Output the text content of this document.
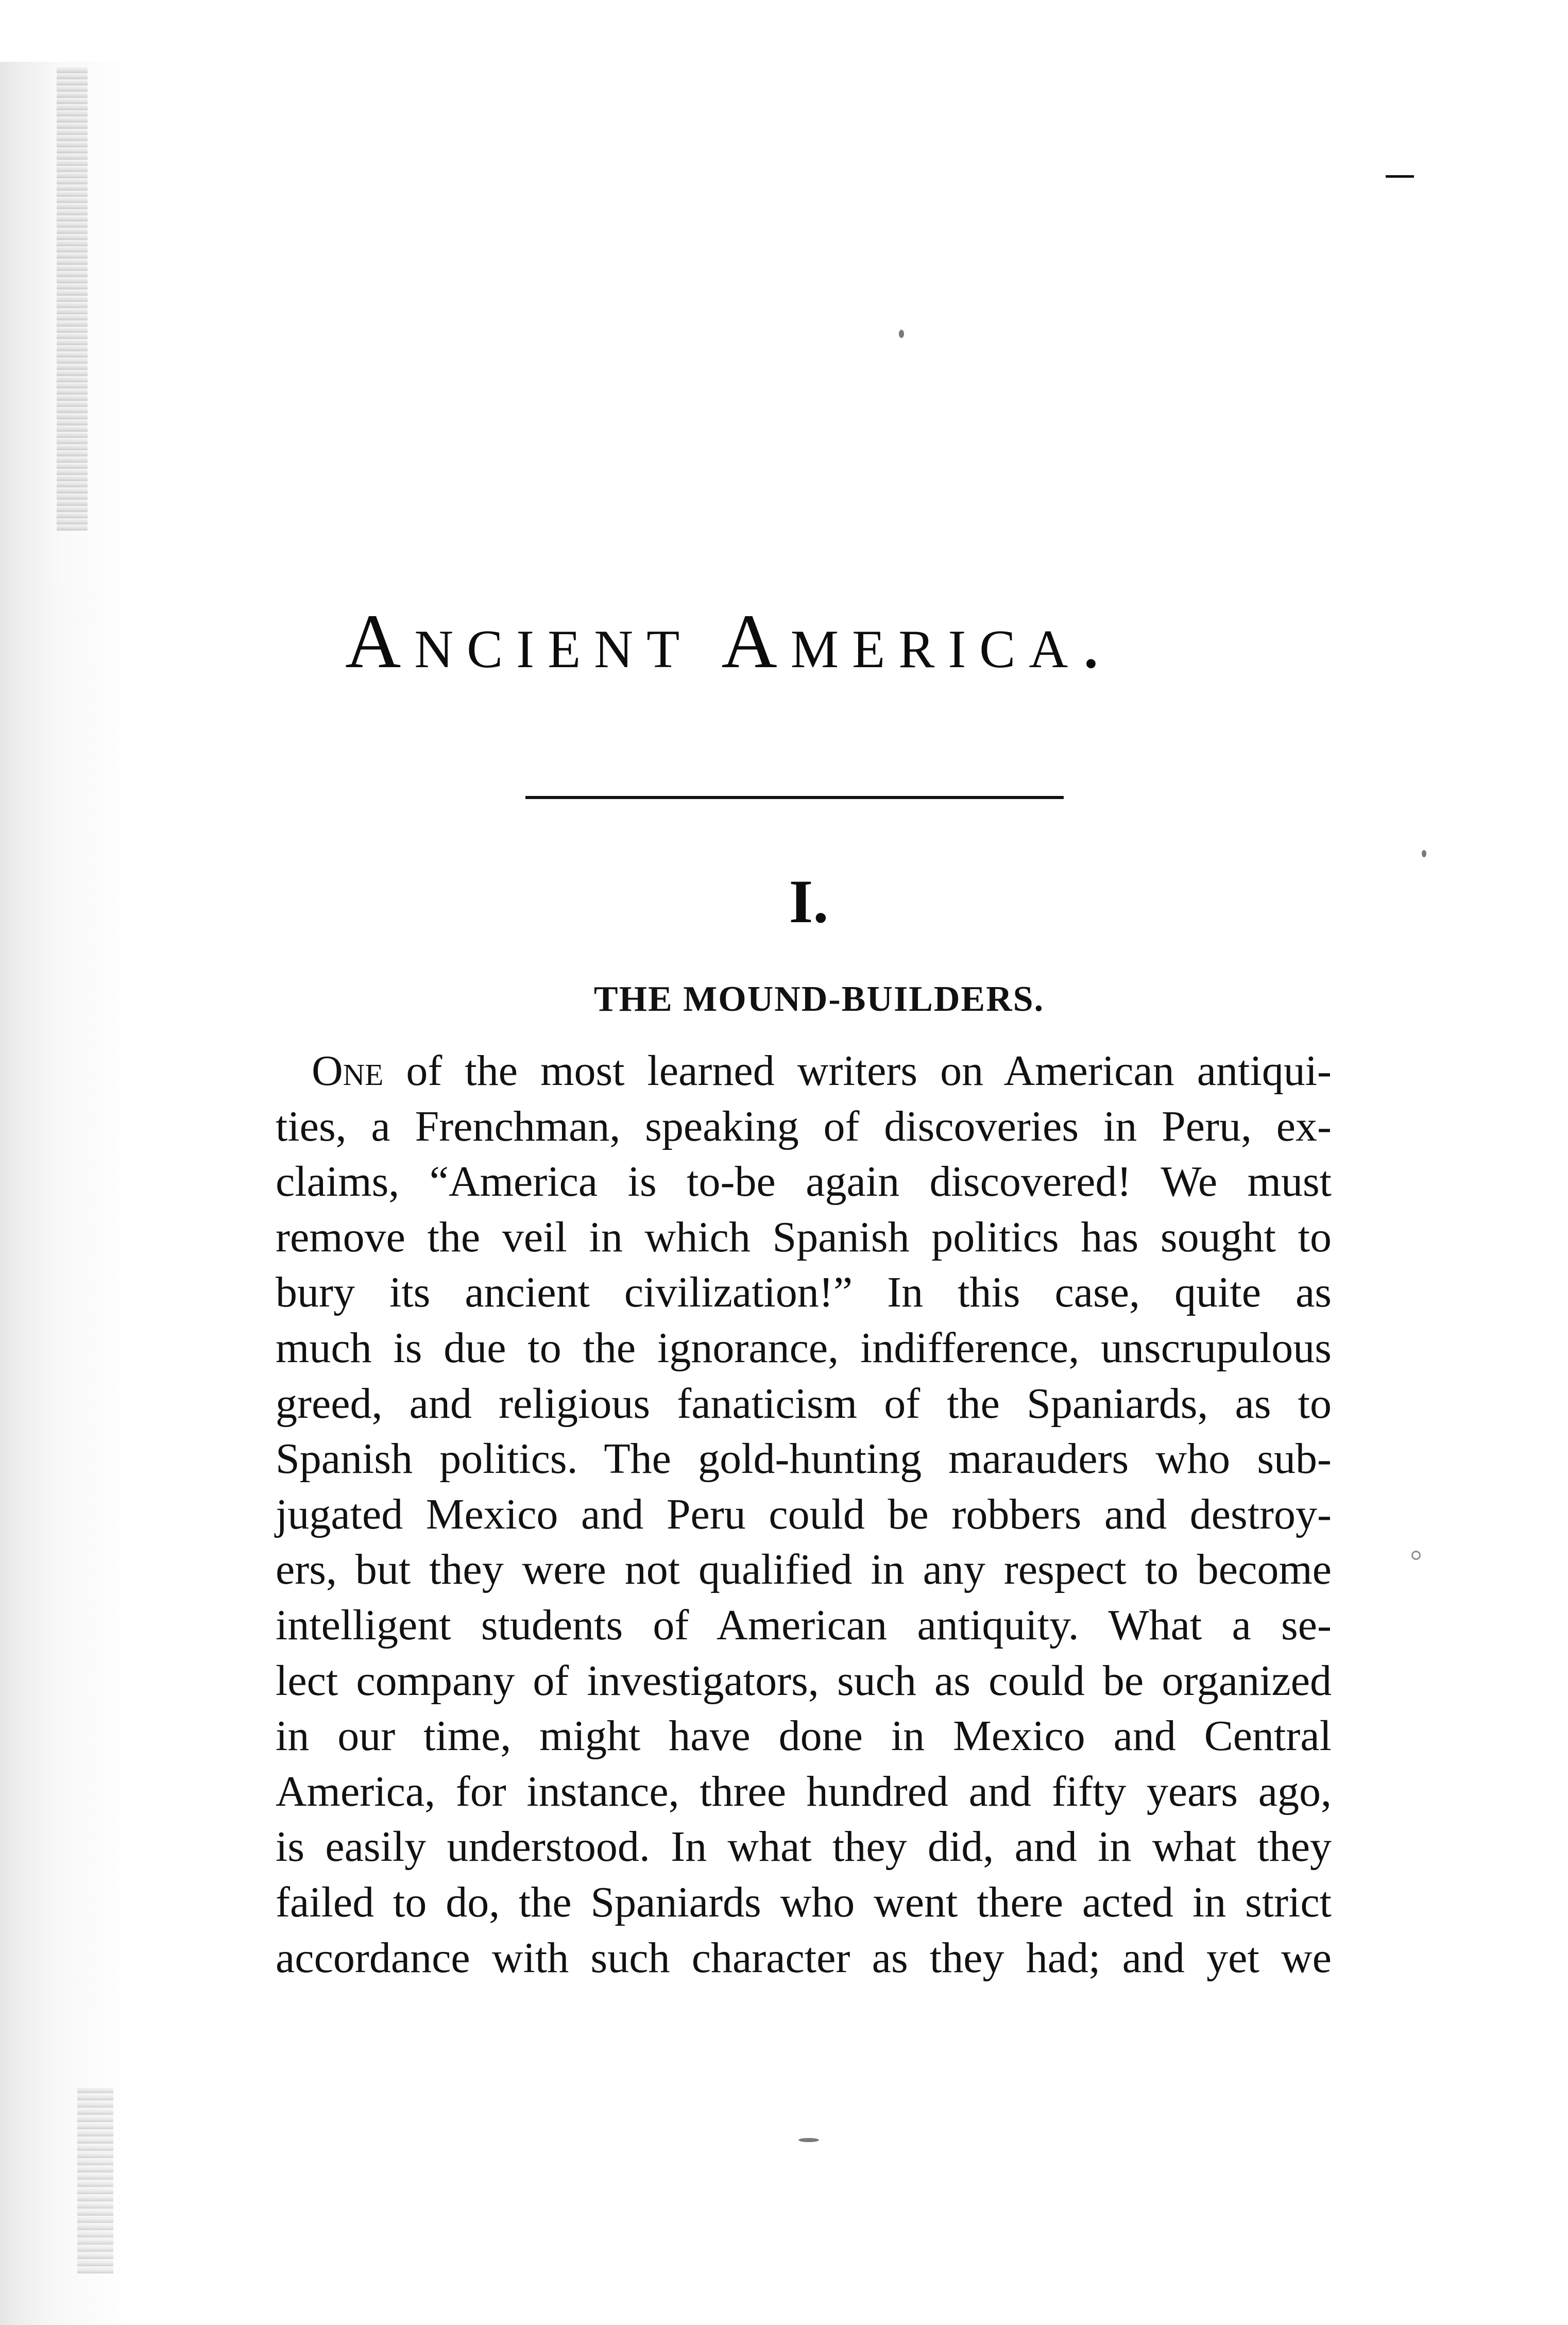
Ancient America.
I.
THE MOUND-BUILDERS.
One of the most learned writers on American antiqui-
ties, a Frenchman, speaking of discoveries in Peru, ex-
claims, “America is to-be again discovered! We must
remove the veil in which Spanish politics has sought to
bury its ancient civilization!” In this case, quite as
much is due to the ignorance, indifference, unscrupulous
greed, and religious fanaticism of the Spaniards, as to
Spanish politics. The gold-hunting marauders who sub-
jugated Mexico and Peru could be robbers and destroy-
ers, but they were not qualified in any respect to become
intelligent students of American antiquity. What a se-
lect company of investigators, such as could be organized
in our time, might have done in Mexico and Central
America, for instance, three hundred and fifty years ago,
is easily understood. In what they did, and in what they
failed to do, the Spaniards who went there acted in strict
accordance with such character as they had; and yet we
